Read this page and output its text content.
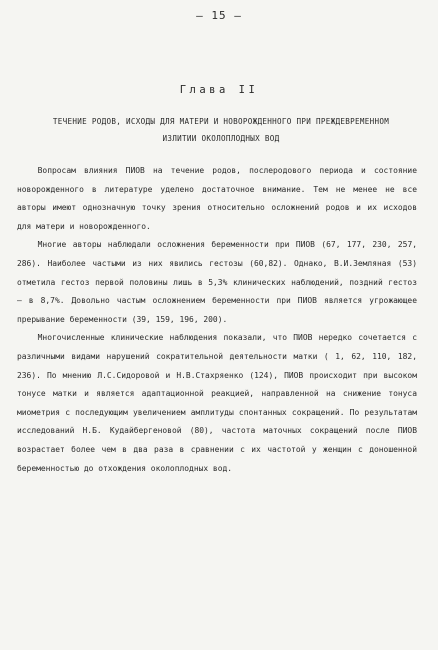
– 15 –
Глава II
ТЕЧЕНИЕ РОДОВ, ИСХОДЫ ДЛЯ МАТЕРИ И НОВОРОЖДЕННОГО ПРИ ПРЕЖДЕВРЕМЕННОМ ИЗЛИТИИ ОКОЛОПЛОДНЫХ ВОД

Вопросам влияния ПИОВ на течение родов, послеродового периода и состояние новорожденного в литературе уделено достаточное внимание. Тем не менее не все авторы имеют однозначную точку зрения относительно осложнений родов и их исходов для матери и новорожденного.

Многие авторы наблюдали осложнения беременности при ПИОВ (67, 177, 230, 257, 286). Наиболее частыми из них явились гестозы (60,82). Однако, В.И.Земляная (53) отметила гестоз первой половины лишь в 5,3% клинических наблюдений, поздний гестоз – в 8,7%. Довольно частым осложнением беременности при ПИОВ является угрожающее прерывание беременности (39, 159, 196, 200).

Многочисленные клинические наблюдения показали, что ПИОВ нередко сочетается с различными видами нарушений сократительной деятельности матки ( 1, 62, 110, 182, 236). По мнению Л.С.Сидоровой и Н.В.Стахряенко (124), ПИОВ происходит при высоком тонусе матки и является адаптационной реакцией, направленной на снижение тонуса миометрия с последующим увеличением амплитуды спонтанных сокращений. По результатам исследований Н.Б. Кудайбергеновой (80), частота маточных сокращений после ПИОВ возрастает более чем в два раза в сравнении с их частотой у женщин с доношенной беременностью до отхождения околоплодных вод.
